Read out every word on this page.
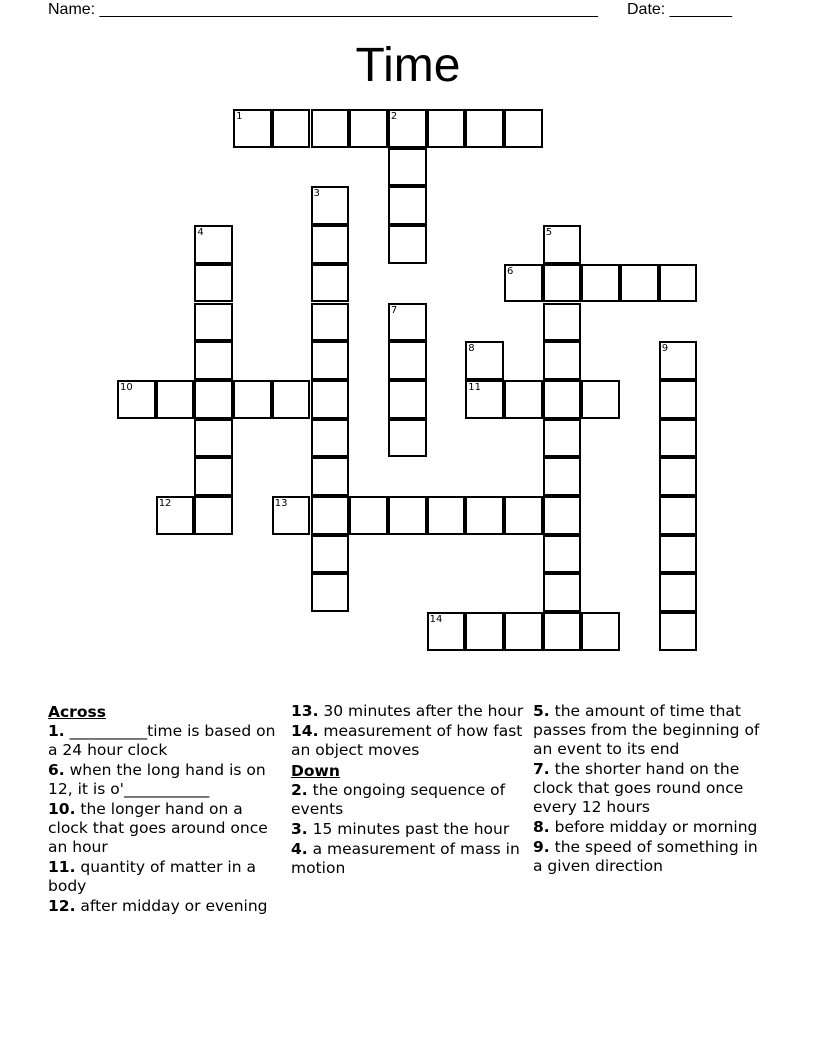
Name: ________________________________________________________ Date: _______
Time
1	2
3
4	5
6
7
8
11
9
10
12	13
14
Across
1. __________time is based on a 24 hour clock
6. when the long hand is on 12, it is o'___________
10. the longer hand on a clock that goes around once an hour
11. quantity of matter in a body
12. after midday or evening
13. 30 minutes after the hour
14. measurement of how fast an object moves
Down
2. the ongoing sequence of events
3. 15 minutes past the hour
4. a measurement of mass in motion
5. the amount of time that passes from the beginning of an event to its end
7. the shorter hand on the clock that goes round once every 12 hours
8. before midday or morning
9. the speed of something in a given direction
